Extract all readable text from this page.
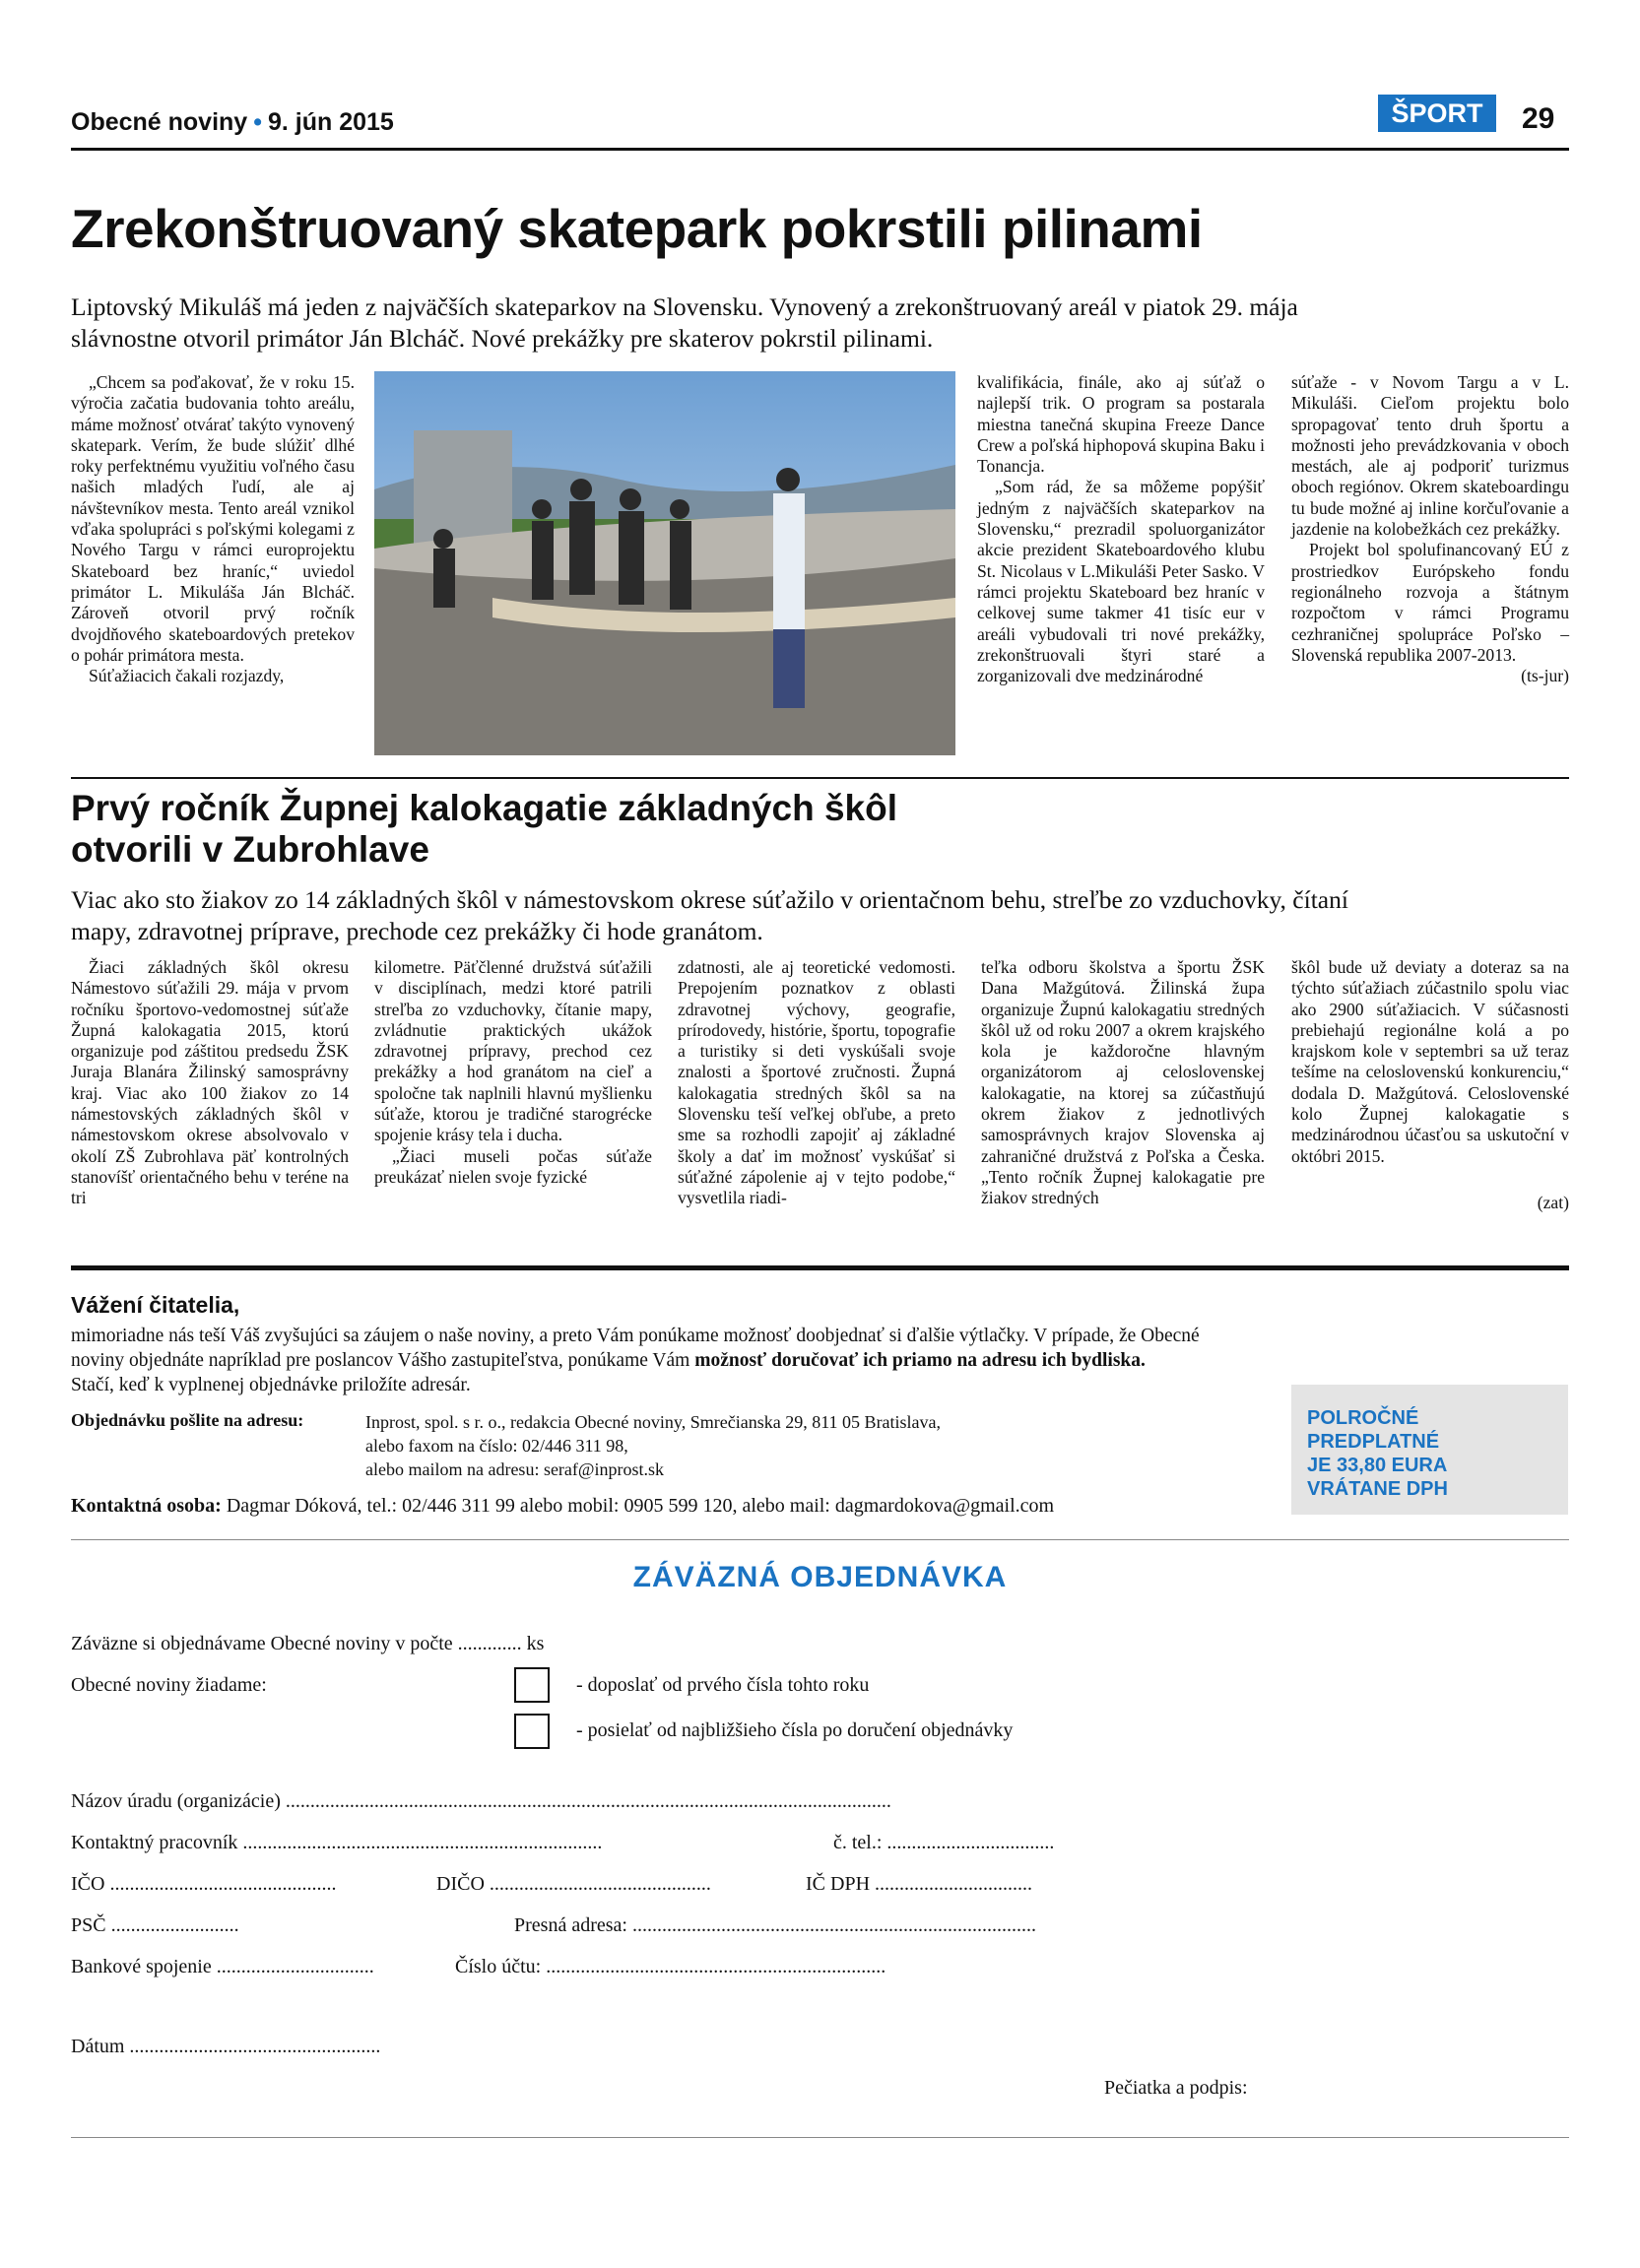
Obecné noviny • 9. jún 2015	ŠPORT	29
Zrekonštruovaný skatepark pokrstili pilinami
Liptovský Mikuláš má jeden z najväčších skateparkov na Slovensku. Vynovený a zrekonštruovaný areál v piatok 29. mája
slávnostne otvoril primátor Ján Blcháč. Nové prekážky pre skaterov pokrstil pilinami.

„Chcem sa poďakovať, že v roku 15. výročia začatia budovania tohto areálu, máme možnosť otvárať takýto vynovený skatepark. Verím, že bude slúžiť dlhé roky perfektnému využitiu voľného času našich mladých ľudí, ale aj návštevníkov mesta. Tento areál vznikol vďaka spolupráci s poľskými kolegami z Nového Targu v rámci europrojektu Skateboard bez hraníc,“ uviedol primátor L. Mikuláša Ján Blcháč. Zároveň otvoril prvý ročník dvojdňového skateboardových pretekov o pohár primátora mesta.

Súťažiacich čakali rozjazdy,

kvalifikácia, finále, ako aj súťaž o najlepší trik. O program sa postarala miestna tanečná skupina Freeze Dance Crew a poľská hiphopová skupina Baku i Tonancja.

„Som rád, že sa môžeme popýšiť jedným z najväčších skateparkov na Slovensku,“ prezradil spoluorganizátor akcie prezident Skateboardového klubu St. Nicolaus v L.Mikuláši Peter Sasko. V rámci projektu Skateboard bez hraníc v celkovej sume takmer 41 tisíc eur v areáli vybudovali tri nové prekážky, zrekonštruovali štyri staré a zorganizovali dve medzinárodné

súťaže - v Novom Targu a v L. Mikuláši. Cieľom projektu bolo spropagovať tento druh športu a možnosti jeho prevádzkovania v oboch mestách, ale aj podporiť turizmus oboch regiónov. Okrem skateboardingu tu bude možné aj inline korčuľovanie a jazdenie na kolobežkách cez prekážky.

Projekt bol spolufinancovaný EÚ z prostriedkov Európskeho fondu regionálneho rozvoja a štátnym rozpočtom v rámci Programu cezhraničnej spolupráce Poľsko – Slovenská republika 2007-2013.

(ts-jur)
Prvý ročník Župnej kalokagatie základných škôl
otvorili v Zubrohlave
Viac ako sto žiakov zo 14 základných škôl v námestovskom okrese súťažilo v orientačnom behu, streľbe zo vzduchovky, čítaní
mapy, zdravotnej príprave, prechode cez prekážky či hode granátom.

Žiaci základných škôl okresu Námestovo súťažili 29. mája v prvom ročníku športovo-vedomostnej súťaže Župná kalokagatia 2015, ktorú organizuje pod záštitou predsedu ŽSK Juraja Blanára Žilinský samosprávny kraj. Viac ako 100 žiakov zo 14 námestovských základných škôl v námestovskom okrese absolvovalo v okolí ZŠ Zubrohlava päť kontrolných stanovíšť orientačného behu v teréne na tri

kilometre. Päťčlenné družstvá súťažili v disciplínach, medzi ktoré patrili streľba zo vzduchovky, čítanie mapy, zvládnutie praktických ukážok zdravotnej prípravy, prechod cez prekážky a hod granátom na cieľ a spoločne tak naplnili hlavnú myšlienku súťaže, ktorou je tradičné starogrécke spojenie krásy tela i ducha.

„Žiaci museli počas súťaže preukázať nielen svoje fyzické

zdatnosti, ale aj teoretické vedomosti. Prepojením poznatkov z oblasti zdravotnej výchovy, geografie, prírodovedy, histórie, športu, topografie a turistiky si deti vyskúšali svoje znalosti a športové zručnosti. Župná kalokagatia stredných škôl sa na Slovensku teší veľkej obľube, a preto sme sa rozhodli zapojiť aj základné školy a dať im možnosť vyskúšať si súťažné zápolenie aj v tejto podobe,“ vysvetlila riadi-

teľka odboru školstva a športu ŽSK Dana Mažgútová. Žilinská župa organizuje Župnú kalokagatiu stredných škôl už od roku 2007 a okrem krajského kola je každoročne hlavným organizátorom aj celoslovenskej kalokagatie, na ktorej sa zúčastňujú okrem žiakov z jednotlivých samosprávnych krajov Slovenska aj zahraničné družstvá z Poľska a Česka. „Tento ročník Župnej kalokagatie pre žiakov stredných

škôl bude už deviaty a doteraz sa na týchto súťažiach zúčastnilo spolu viac ako 2900 súťažiacich. V súčasnosti prebiehajú regionálne kolá a po krajskom kole v septembri sa už teraz tešíme na celoslovenskú konkurenciu,“ dodala D. Mažgútová. Celoslovenské kolo Župnej kalokagatie s medzinárodnou účasťou sa uskutoční v októbri 2015.

(zat)
Vážení čitatelia,
mimoriadne nás teší Váš zvyšujúci sa záujem o naše noviny, a preto Vám ponúkame možnosť doobjednať si ďalšie výtlačky. V prípade, že Obecné
noviny objednáte napríklad pre poslancov Vášho zastupiteľstva, ponúkame Vám možnosť doručovať ich priamo na adresu ich bydliska.
Stačí, keď k vyplnenej objednávke priložíte adresár.
Objednávku pošlite na adresu:	Inprost, spol. s r. o., redakcia Obecné noviny, Smrečianska 29, 811 05 Bratislava,
alebo faxom na číslo: 02/446 311 98,
alebo mailom na adresu: seraf@inprost.sk
Kontaktná osoba: Dagmar Dóková, tel.: 02/446 311 99 alebo mobil: 0905 599 120, alebo mail: dagmardokova@gmail.com
POLROČNÉ
PREDPLATNÉ
JE 33,80 EURA
VRÁTANE DPH
ZÁVÄZNÁ OBJEDNÁVKA
Záväzne si objednávame Obecné noviny v počte ............. ks
Obecné noviny žiadame:	- doposlať od prvého čísla tohto roku
- posielať od najbližšieho čísla po doručení objednávky
Názov úradu (organizácie) ...........................................................................................................................
Kontaktný pracovník .........................................................................	č. tel.: ..................................
IČO ..............................................	DIČO .............................................	IČ DPH ................................
PSČ ..........................	Presná adresa: ..................................................................................
Bankové spojenie ................................	Číslo účtu: .....................................................................
Dátum ...................................................
Pečiatka a podpis:
